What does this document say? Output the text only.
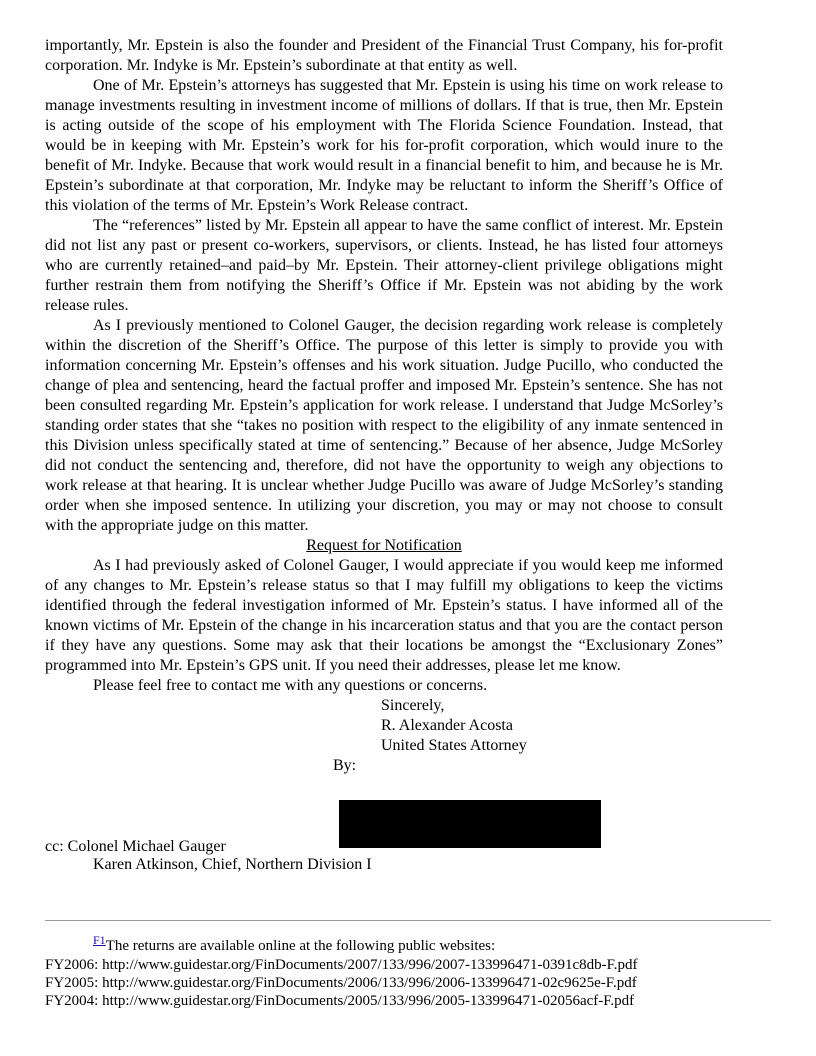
importantly, Mr. Epstein is also the founder and President of the Financial Trust Company, his for-profit corporation. Mr. Indyke is Mr. Epstein’s subordinate at that entity as well.

One of Mr. Epstein’s attorneys has suggested that Mr. Epstein is using his time on work release to manage investments resulting in investment income of millions of dollars. If that is true, then Mr. Epstein is acting outside of the scope of his employment with The Florida Science Foundation. Instead, that would be in keeping with Mr. Epstein’s work for his for-profit corporation, which would inure to the benefit of Mr. Indyke. Because that work would result in a financial benefit to him, and because he is Mr. Epstein’s subordinate at that corporation, Mr. Indyke may be reluctant to inform the Sheriff’s Office of this violation of the terms of Mr. Epstein’s Work Release contract.

The “references” listed by Mr. Epstein all appear to have the same conflict of interest. Mr. Epstein did not list any past or present co-workers, supervisors, or clients. Instead, he has listed four attorneys who are currently retained–and paid–by Mr. Epstein. Their attorney-client privilege obligations might further restrain them from notifying the Sheriff’s Office if Mr. Epstein was not abiding by the work release rules.

As I previously mentioned to Colonel Gauger, the decision regarding work release is completely within the discretion of the Sheriff’s Office. The purpose of this letter is simply to provide you with information concerning Mr. Epstein’s offenses and his work situation. Judge Pucillo, who conducted the change of plea and sentencing, heard the factual proffer and imposed Mr. Epstein’s sentence. She has not been consulted regarding Mr. Epstein’s application for work release. I understand that Judge McSorley’s standing order states that she “takes no position with respect to the eligibility of any inmate sentenced in this Division unless specifically stated at time of sentencing.” Because of her absence, Judge McSorley did not conduct the sentencing and, therefore, did not have the opportunity to weigh any objections to work release at that hearing. It is unclear whether Judge Pucillo was aware of Judge McSorley’s standing order when she imposed sentence. In utilizing your discretion, you may or may not choose to consult with the appropriate judge on this matter.

Request for Notification

As I had previously asked of Colonel Gauger, I would appreciate if you would keep me informed of any changes to Mr. Epstein’s release status so that I may fulfill my obligations to keep the victims identified through the federal investigation informed of Mr. Epstein’s status. I have informed all of the known victims of Mr. Epstein of the change in his incarceration status and that you are the contact person if they have any questions. Some may ask that their locations be amongst the “Exclusionary Zones” programmed into Mr. Epstein’s GPS unit. If you need their addresses, please let me know.

Please feel free to contact me with any questions or concerns.

Sincerely,
R. Alexander Acosta
United States Attorney
By:
cc: Colonel Michael Gauger
Karen Atkinson, Chief, Northern Division I
$^{F1}$The returns are available online at the following public websites:
FY2006: http://www.guidestar.org/FinDocuments/2007/133/996/2007-133996471-0391c8db-F.pdf
FY2005: http://www.guidestar.org/FinDocuments/2006/133/996/2006-133996471-02c9625e-F.pdf
FY2004: http://www.guidestar.org/FinDocuments/2005/133/996/2005-133996471-02056acf-F.pdf
